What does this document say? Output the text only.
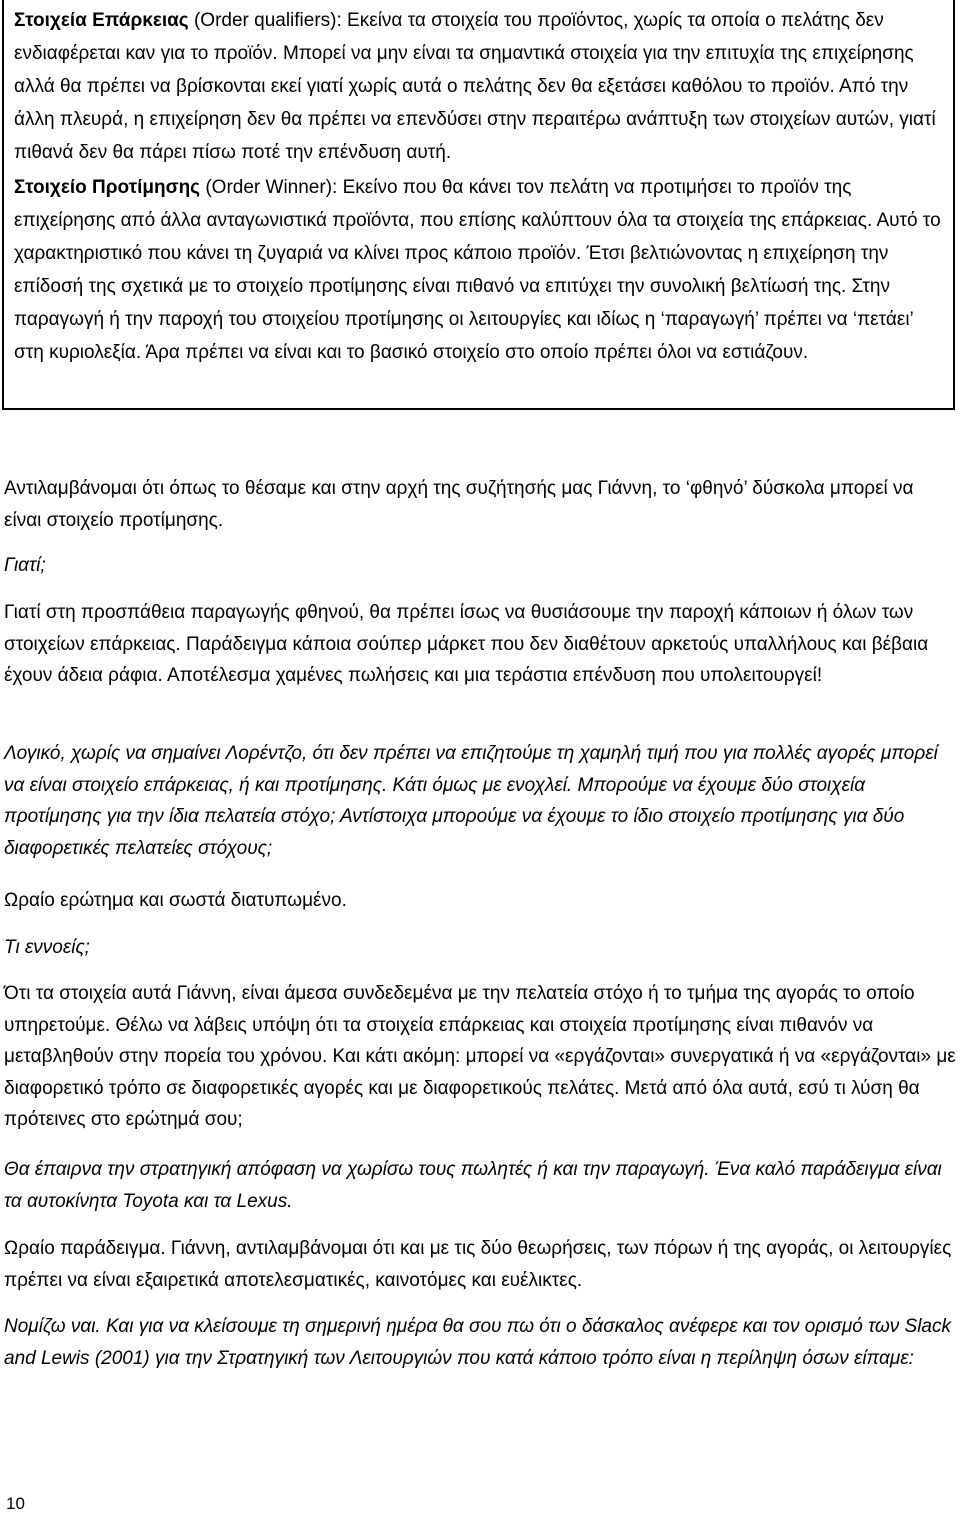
Στοιχεία Επάρκειας (Order qualifiers): Εκείνα τα στοιχεία του προϊόντος, χωρίς τα οποία ο πελάτης δεν ενδιαφέρεται καν για το προϊόν. Μπορεί να μην είναι τα σημαντικά στοιχεία για την επιτυχία της επιχείρησης αλλά θα πρέπει να βρίσκονται εκεί γιατί χωρίς αυτά ο πελάτης δεν θα εξετάσει καθόλου το προϊόν. Από την άλλη πλευρά, η επιχείρηση δεν θα πρέπει να επενδύσει στην περαιτέρω ανάπτυξη των στοιχείων αυτών, γιατί πιθανά δεν θα πάρει πίσω ποτέ την επένδυση αυτή.

Στοιχείο Προτίμησης (Order Winner): Εκείνο που θα κάνει τον πελάτη να προτιμήσει το προϊόν της επιχείρησης από άλλα ανταγωνιστικά προϊόντα, που επίσης καλύπτουν όλα τα στοιχεία της επάρκειας. Αυτό το χαρακτηριστικό που κάνει τη ζυγαριά να κλίνει προς κάποιο προϊόν. Έτσι βελτιώνοντας η επιχείρηση την επίδοσή της σχετικά με το στοιχείο προτίμησης είναι πιθανό να επιτύχει την συνολική βελτίωσή της. Στην παραγωγή ή την παροχή του στοιχείου προτίμησης οι λειτουργίες και ιδίως η ‘παραγωγή’ πρέπει να ‘πετάει’ στη κυριολεξία. Άρα πρέπει να είναι και το βασικό στοιχείο στο οποίο πρέπει όλοι να εστιάζουν.

Αντιλαμβάνομαι ότι όπως το θέσαμε και στην αρχή της συζήτησής μας Γιάννη, το ‘φθηνό’ δύσκολα μπορεί να είναι στοιχείο προτίμησης.

Γιατί;

Γιατί στη προσπάθεια παραγωγής φθηνού, θα πρέπει ίσως να θυσιάσουμε την παροχή κάποιων ή όλων των στοιχείων επάρκειας. Παράδειγμα κάποια σούπερ μάρκετ που δεν διαθέτουν αρκετούς υπαλλήλους και βέβαια έχουν άδεια ράφια. Αποτέλεσμα χαμένες πωλήσεις και μια τεράστια επένδυση που υπολειτουργεί!

Λογικό, χωρίς να σημαίνει Λορέντζο, ότι δεν πρέπει να επιζητούμε τη χαμηλή τιμή που για πολλές αγορές μπορεί να είναι στοιχείο επάρκειας, ή και προτίμησης. Κάτι όμως με ενοχλεί. Μπορούμε να έχουμε δύο στοιχεία προτίμησης για την ίδια πελατεία στόχο; Αντίστοιχα μπορούμε να έχουμε το ίδιο στοιχείο προτίμησης για δύο διαφορετικές πελατείες στόχους;

Ωραίο ερώτημα και σωστά διατυπωμένο.

Τι εννοείς;

Ότι τα στοιχεία αυτά Γιάννη, είναι άμεσα συνδεδεμένα με την πελατεία στόχο ή το τμήμα της αγοράς το οποίο υπηρετούμε. Θέλω να λάβεις υπόψη ότι τα στοιχεία επάρκειας και στοιχεία προτίμησης είναι πιθανόν να μεταβληθούν στην πορεία του χρόνου. Και κάτι ακόμη: μπορεί να «εργάζονται» συνεργατικά ή να «εργάζονται» με διαφορετικό τρόπο σε διαφορετικές αγορές και με διαφορετικούς πελάτες. Μετά από όλα αυτά, εσύ τι λύση θα πρότεινες στο ερώτημά σου;

Θα έπαιρνα την στρατηγική απόφαση να χωρίσω τους πωλητές ή και την παραγωγή. Ένα καλό παράδειγμα είναι τα αυτοκίνητα Toyota και τα Lexus.

Ωραίο παράδειγμα. Γιάννη, αντιλαμβάνομαι ότι και με τις δύο θεωρήσεις, των πόρων ή της αγοράς, οι λειτουργίες πρέπει να είναι εξαιρετικά αποτελεσματικές, καινοτόμες και ευέλικτες.

Νομίζω ναι. Και για να κλείσουμε τη σημερινή ημέρα θα σου πω ότι ο δάσκαλος ανέφερε και τον ορισμό των Slack and Lewis (2001) για την Στρατηγική των Λειτουργιών που κατά κάποιο τρόπο είναι η περίληψη όσων είπαμε:

10
